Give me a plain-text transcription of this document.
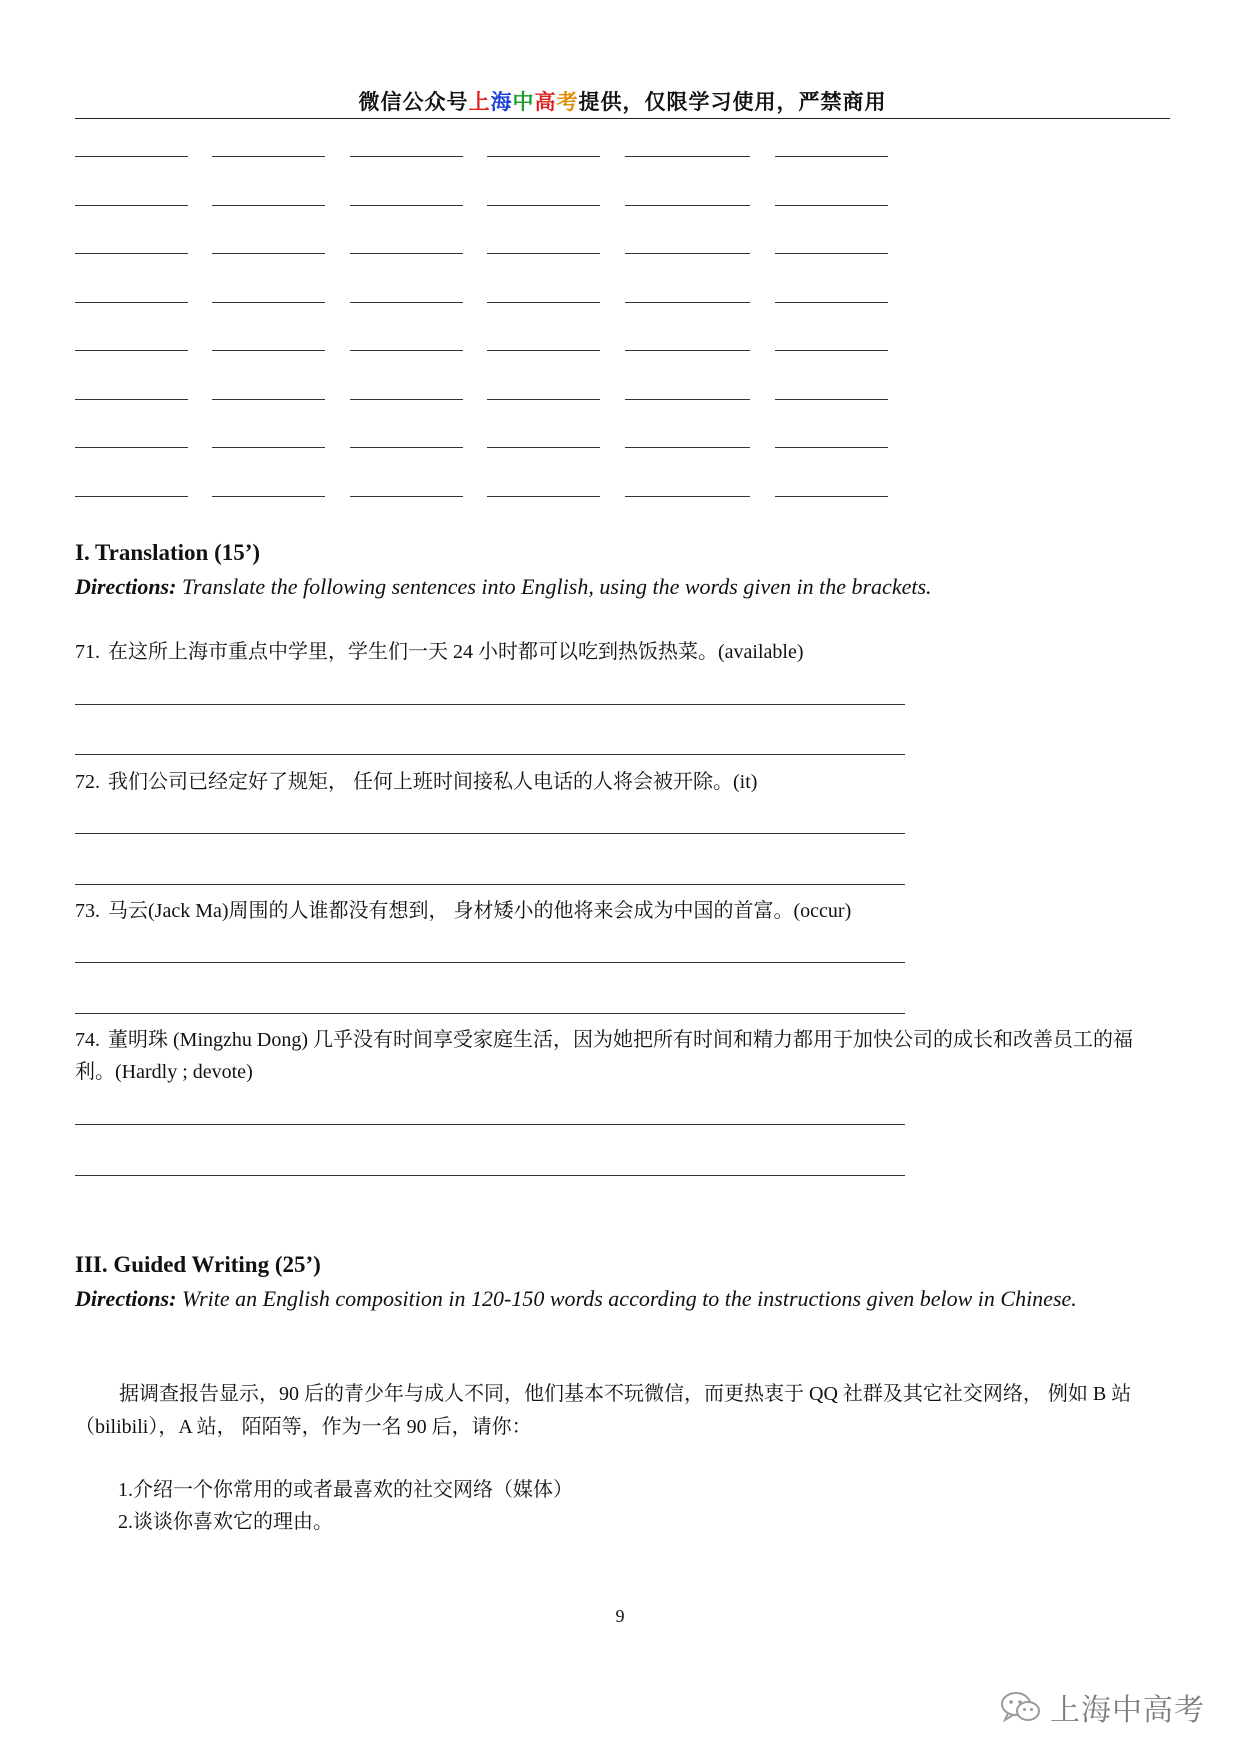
微信公众号上海中高考提供，仅限学习使用，严禁商用
I. Translation (15’)
Directions: Translate the following sentences into English, using the words given in the brackets.
71. 在这所上海市重点中学里，学生们一天 24 小时都可以吃到热饭热菜。(available)
72. 我们公司已经定好了规矩， 任何上班时间接私人电话的人将会被开除。(it)
73. 马云(Jack Ma)周围的人谁都没有想到， 身材矮小的他将来会成为中国的首富。(occur)
74. 董明珠 (Mingzhu Dong) 几乎没有时间享受家庭生活，因为她把所有时间和精力都用于加快公司的成长和改善员工的福利。(Hardly ; devote)
III. Guided Writing (25’)
Directions: Write an English composition in 120-150 words according to the instructions given below in Chinese.
据调查报告显示，90 后的青少年与成人不同，他们基本不玩微信，而更热衷于 QQ 社群及其它社交网络， 例如 B 站（bilibili），A 站， 陌陌等，作为一名 90 后，请你：
1.介绍一个你常用的或者最喜欢的社交网络（媒体）
2.谈谈你喜欢它的理由。
9
上海中高考
